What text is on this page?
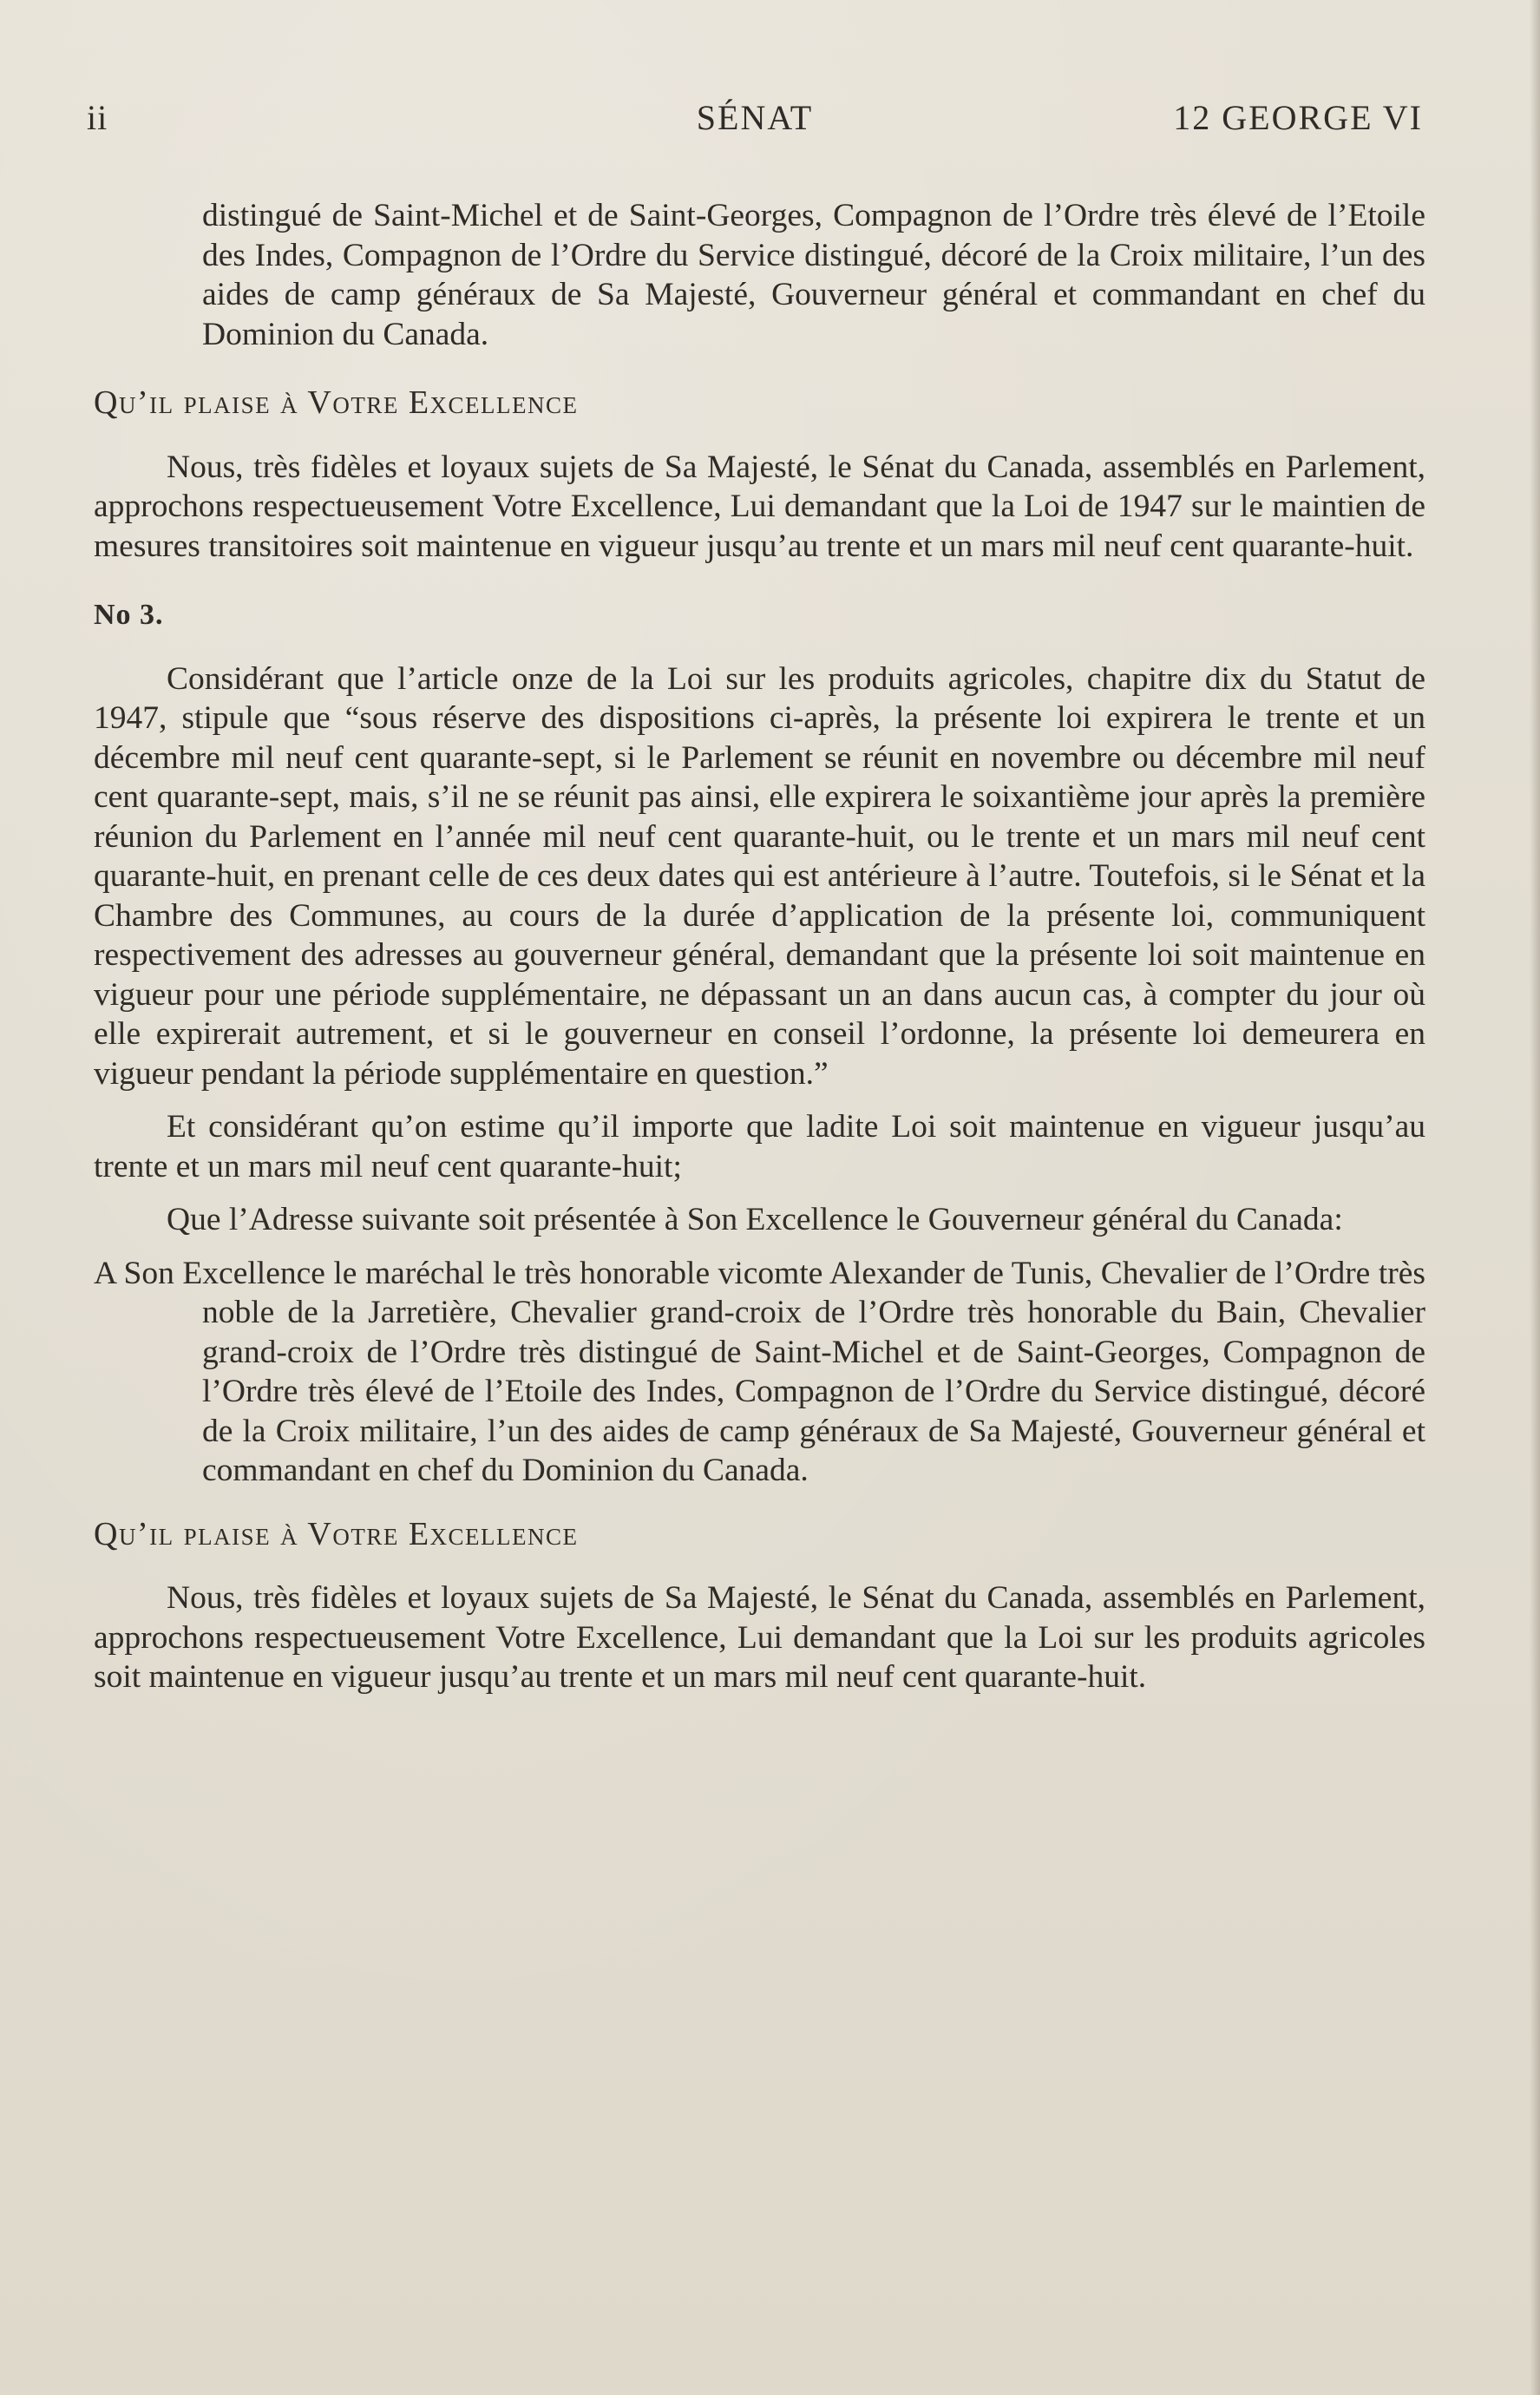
ii	SÉNAT	12 GEORGE VI

distingué de Saint-Michel et de Saint-Georges, Compagnon de l’Ordre très élevé de l’Etoile des Indes, Compagnon de l’Ordre du Service distingué, décoré de la Croix militaire, l’un des aides de camp généraux de Sa Majesté, Gouverneur général et commandant en chef du Dominion du Canada.

Qu’il plaise à Votre Excellence

Nous, très fidèles et loyaux sujets de Sa Majesté, le Sénat du Canada, assemblés en Parlement, approchons respectueusement Votre Excellence, Lui demandant que la Loi de 1947 sur le maintien de mesures transitoires soit maintenue en vigueur jusqu’au trente et un mars mil neuf cent quarante-huit.

No 3.

Considérant que l’article onze de la Loi sur les produits agricoles, chapitre dix du Statut de 1947, stipule que “sous réserve des dispositions ci-après, la présente loi expirera le trente et un décembre mil neuf cent quarante-sept, si le Parlement se réunit en novembre ou décembre mil neuf cent quarante-sept, mais, s’il ne se réunit pas ainsi, elle expirera le soixantième jour après la première réunion du Parlement en l’année mil neuf cent quarante-huit, ou le trente et un mars mil neuf cent quarante-huit, en prenant celle de ces deux dates qui est antérieure à l’autre. Toutefois, si le Sénat et la Chambre des Communes, au cours de la durée d’application de la présente loi, communiquent respectivement des adresses au gouverneur général, demandant que la présente loi soit maintenue en vigueur pour une période supplémentaire, ne dépassant un an dans aucun cas, à compter du jour où elle expirerait autrement, et si le gouverneur en conseil l’ordonne, la présente loi demeurera en vigueur pendant la période supplémentaire en question.”

Et considérant qu’on estime qu’il importe que ladite Loi soit maintenue en vigueur jusqu’au trente et un mars mil neuf cent quarante-huit;

Que l’Adresse suivante soit présentée à Son Excellence le Gouverneur général du Canada:

A Son Excellence le maréchal le très honorable vicomte Alexander de Tunis, Chevalier de l’Ordre très noble de la Jarretière, Chevalier grand-croix de l’Ordre très honorable du Bain, Chevalier grand-croix de l’Ordre très distingué de Saint-Michel et de Saint-Georges, Compagnon de l’Ordre très élevé de l’Etoile des Indes, Compagnon de l’Ordre du Service distingué, décoré de la Croix militaire, l’un des aides de camp généraux de Sa Majesté, Gouverneur général et commandant en chef du Dominion du Canada.

Qu’il plaise à Votre Excellence

Nous, très fidèles et loyaux sujets de Sa Majesté, le Sénat du Canada, assemblés en Parlement, approchons respectueusement Votre Excellence, Lui demandant que la Loi sur les produits agricoles soit maintenue en vigueur jusqu’au trente et un mars mil neuf cent quarante-huit.
